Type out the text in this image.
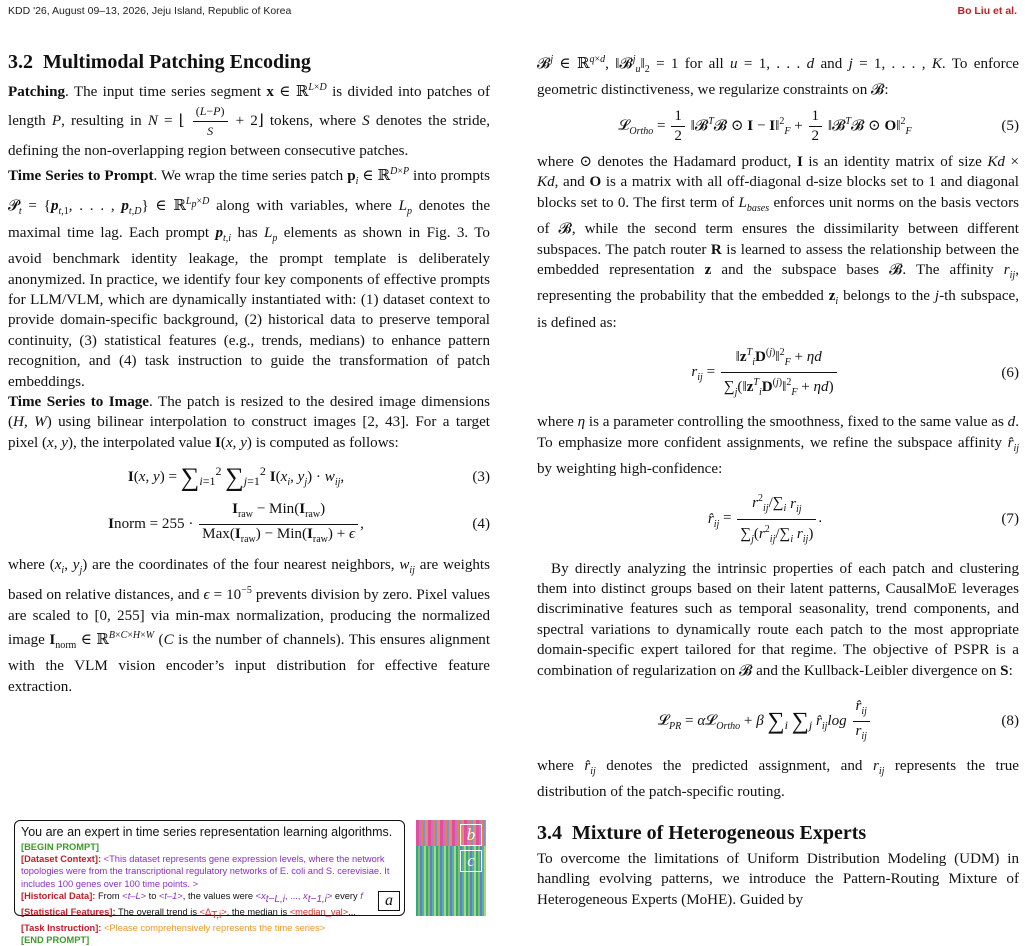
KDD '26, August 09–13, 2026, Jeju Island, Republic of Korea	Bo Liu et al.
3.2 Multimodal Patching Encoding

Patching. The input time series segment x ∈ ℝ$^{L\times D}$ is divided into patches of length P, resulting in N = ⌊ $\frac{(L-P)}{S}$ + 2⌋ tokens, where S denotes the stride, defining the non-overlapping region between consecutive patches.

Time Series to Prompt. We wrap the time series patch $p_i$ ∈ ℝ$^{D\times P}$ into prompts 𝓟$_t$ = {$p_{t,1}$, . . . , $p_{t,D}$} ∈ ℝ$^{L_p\times D}$ along with variables, where $L_p$ denotes the maximal time lag. Each prompt $p_{t,i}$ has $L_p$ elements as shown in Fig. 3. To avoid benchmark identity leakage, the prompt template is deliberately anonymized. In practice, we identify four key components of effective prompts for LLM/VLM, which are dynamically instantiated with: (1) dataset context to provide domain-specific background, (2) historical data to preserve temporal continuity, (3) statistical features (e.g., trends, medians) to enhance pattern recognition, and (4) task instruction to guide the transformation of patch embeddings.

Time Series to Image. The patch is resized to the desired image dimensions (H, W) using bilinear interpolation to construct images [2, 43]. For a target pixel (x, y), the interpolated value I(x, y) is computed as follows:

I(x, $y) = \sum_{i=1}^2$ $\sum_{j=1}^2$ $I(x_i$, $y_j) \cdot w_{ij}$,	(3)
Inorm = $255 \cdot \frac{I_{raw} - Min(I_{raw})}{Max(I_{raw}) - Min(I_{raw}) + \epsilon}$ ,	(4)

where ($x_i$, $y_j$) are the coordinates of the four nearest neighbors, $w_{ij}$ are weights based on relative distances, and $\epsilon = 10^{-5}$ prevents division by zero. Pixel values are scaled to [0, 255] via min-max normalization, producing the normalized image $I_{norm}$ ∈ ℝ$^{B\times C\times H\times W}$ (C is the number of channels). This ensures alignment with the VLM vision encoder’s input distribution for effective feature extraction.

You are an expert in time series representation learning algorithms.
[BEGIN PROMPT]
[Dataset Context]: <This dataset represents gene expression levels, where the network topologies were from the transcriptional regulatory networks of E. coli and S. cerevisiae. It includes 100 genes over 100 time points. >
[Historical Data]: From <t–L> to <t–1>, the values were $<x_{t-L,i}$, ..., $x_{t-1,i}>$ every f
[Statistical Features]: The overall trend is $<\Delta_{T,i}>$, the median is <median_val>...
[Task Instruction]: <Please comprehensively represents the time series>
[END PROMPT]
a
b
c

𝓑$^j$ ∈ ℝ$^{q\times d}$, $‖𝓑^j_u‖_2 = 1$ for all u = 1, . . . d and j = 1, . . . , K. To enforce geometric distinctiveness, we regularize constraints on 𝓑:

𝓛$_{Ortho}$ = $\frac{1}{2}$ ‖𝓑$^T$𝓑 ⊙ I − I‖$^2_F$ + $\frac{1}{2}$ ‖𝓑$^T$𝓑 ⊙ O‖$^2_F$	(5)

where ⊙ denotes the Hadamard product, I is an identity matrix of size Kd × Kd, and O is a matrix with all off-diagonal d-size blocks set to 1 and diagonal blocks set to 0. The first term of $L_{bases}$ enforces unit norms on the basis vectors of 𝓑, while the second term ensures the dissimilarity between different subspaces. The patch router R is learned to assess the relationship between the embedded representation z and the subspace bases 𝓑. The affinity $r_{ij}$, representing the probability that the embedded $z_i$ belongs to the j-th subspace, is defined as:

$r_{ij} = \frac{‖z^T_iD^{(j)}‖^2_F + \eta d}{\sum_j(‖z^T_iD^{(j)}‖^2_F + \eta d)}$	(6)

where η is a parameter controlling the smoothness, fixed to the same value as d. To emphasize more confident assignments, we refine the subspace affinity $r̂_{ij}$ by weighting high-confidence:

$r̂_{ij} = \frac{r^2_{ij}/\sum_i r_{ij}}{\sum_j(r^2_{ij}/\sum_i r_{ij})}$ .	(7)

By directly analyzing the intrinsic properties of each patch and clustering them into distinct groups based on their latent patterns, CausalMoE leverages discriminative features such as temporal seasonality, trend components, and spectral variations to dynamically route each patch to the most appropriate domain-specific expert tailored for that regime. The objective of PSPR is a combination of regularization on 𝓑 and the Kullback-Leibler divergence on S:

𝓛$_{PR}$ = α𝓛$_{Ortho}$ + β $\sum_i$ $\sum_j$ $r̂_{ij}\log \frac{r̂_{ij}}{r_{ij}}$	(8)

where $r̂_{ij}$ denotes the predicted assignment, and $r_{ij}$ represents the true distribution of the patch-specific routing.

3.4 Mixture of Heterogeneous Experts

To overcome the limitations of Uniform Distribution Modeling (UDM) in handling evolving patterns, we introduce the Pattern-Routing Mixture of Heterogeneous Experts (MoHE). Guided by
